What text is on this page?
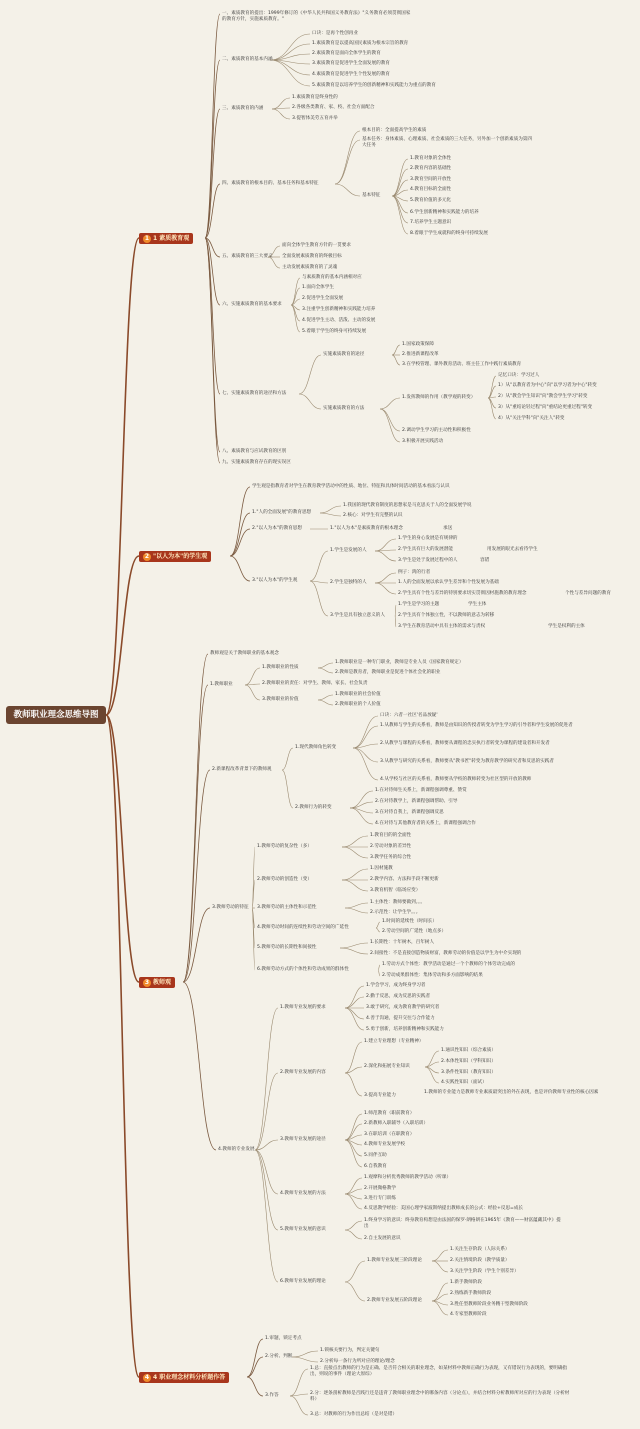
教师职业理念思维导图
1 1 素质教育观
2 "以人为本"的学生观
3 教师观
4 4 职业理念材料分析题作答
一、素质教育的提出：1999年修订的《中华人民共和国义务教育法》"义务教育必须贯彻国家的教育方针，实施素质教育。"
二、素质教育的基本内涵
口诀：是再个性创再业
1.素质教育是以提高国民素质为根本宗旨的教育
2.素质教育是面向全体学生的教育
3.素质教育是促进学生全面发展的教育
4.素质教育是促进学生个性发展的教育
5.素质教育是以培养学生的创新精神和实践能力为重点的教育
三、素质教育的内涵
1.素质教育是终身性的
2.各级各类教育、家、校、社会方面配合
3.提智体美劳五育并举
四、素质教育的根本目的、基本任务和基本特征
根本目的：全面提高学生的素质
基本任务：身体素质、心理素质、社会素质的三大任务，另外加一个创新素质为第四大任务
基本特征
1.教育对象的全体性
2.教育内容的基础性
3.教育空间的开放性
4.教育目标的全面性
5.教育价值的多元化
6.学生创新精神和实践能力的培养
7.培养学生主题意识
8.着眼于学生成就和的终身可持续发展
五、素质教育的三大要义
面向全体学生教育方针的一贯要求
全面发展素质教育的终极目标
主动发展素质教育的了灵魂
六、实施素质教育的基本要求
与素质教育的基本内涵相对应
1.面向全体学生
2.促进学生全面发展
3.注重学生创新精神和实践能力培养
4.促进学生主动、活泼、主动的发展
5.着眼于学生的终身可持续发展
七、实施素质教育的途径和方法
实施素质教育的途径
1.国家政策保障
2.推进新课程改革
3.在学校管理、课外教育活动、班主任工作中践行素质教育
实施素质教育的方法
1.发挥教师的作用（教学观的转变）
记忆口诀：学习过人
1）从"以教育者为中心"向"以学习者为中心"转变
2）从"教会学生知识"向"教会学生学习"转变
3）从"重结论轻过程"向"重结论更重过程"转变
4）从"关注学科"向"关注人"转变
2.调动学生学习的主动性和积极性
3.积极开展实践活动
八、素质教育与应试教育的区别
九、实施素质教育存在的现实误区
学生观是指教育者对学生在教育教学活动中的性质、地位、特征和具体时间活动的基本看法与认识
1."人的全面发展"的教育思想
1.我国的现代教育制度的思想家是马克思关于人的全面发展学说
2.核心：对学生有完整的认识
2."以人为本"的教育思想	1."以人为本"是素质教育的根本理念	承送
3."以人为本"的学生观
1.学生是发展的人
1.学生的身心发展是有规律的
2.学生具有巨大的发展潜能
3.学生是处于发展过程中的人
用发展的眼光去看待学生
容错
2.学生是独特的人
例子：鸿的行者
1.人的全面发展以承认学生差异和个性发展为基础
2.学生具有个性与差异的特别要求切实贯彻因材施教的教育理念	个性与差异问题的教育
3.学生是具有独立意义的人
1.学生是学习的主题
2.学生具有个体独立性，不以教师的意志为转移
3.学生在教育活动中具有主体的需求与责权
学生主体
学生是权利的主体
教师观是关于教师职业的基本观念
1.教师职业
1.教师职业的性质
1.教师职业是一种专门职业，教师是专业人员（国家教育规定）
2.教师是教育者，教师职业是促进个体社会化的职业
2.教师职业的责任：对学生、教师、家长、社会负责
3.教师职业的价值
1.教师职业的社会价值
2.教师职业的个人价值
2.新课程改革背景下的教师观
1.现代教师角色转变
口诀：六者一社区'名品放疑'
1.从教师与学生的关系看，教师是由知识的传授者转变为学生学习的引导者和学生发展的促进者
2.从教学与课程的关系看，教师要从课程的忠实执行者转变为课程的建设者和开发者
3.从教学与研究的关系看，教师要从"教书匠"转变为教育教学的研究者和反思的实践者
4.从学校与社区的关系看，教师要从学校的教师转变为社区型的开放的教师
2.教师行为的转变
1.在对待师生关系上，新课程强调尊重、赞赏
2.在对待教学上，新课程强调帮助、引导
3.在对待自我上，新课程强调反思
4.在对待与其他教育者的关系上，新课程强调合作
3.教师劳动的特征
1.教师劳动的复杂性（多）
1.教育目的的全面性
2.劳动对象的差异性
3.教学任务的综合性
2.教师劳动的创造性（变）
1.因材施教
2.教学内容、方法和手段不断更新
3.教育机智（临场应变）
3.教师劳动的主体性和示范性
1.主体性：教师要做到。。。
2.示范性：让学生学。。。
4.教师劳动时间的连续性和劳动空间的广延性
1.时间的延续性（时间长）
2.劳动空间的广延性（地点多）
5.教师劳动的长期性和间接性
1.长期性：十年树木，百年树人
2.间接性：不是直接创造物质财富，教师劳动的价值是以学生为中介实现的
6.教师劳动方式的个体性和劳动成果的群体性
1.劳动方式个体性：教学活动是通过一个个教师的个体劳动完成的
2.劳动成果群体性：集体劳动和多方面影响的结果
4.教师的专业发展
1.教师专业发展的要求
1.学会学习，成为终身学习者
2.勤于反思，成为反思的实践者
3.敢于研究，成为教育教学的研究者
4.善于沟通，提升交往与合作能力
5.勇于创新，培养创新精神和实践能力
2.教师专业发展的内容
1.建立专业理想（专业精神）
2.深化和拓展专业知识
1.通识性知识（综合素质）
2.本体性知识（学科知识）
3.条件性知识（教育知识）
4.实践性知识（面试）
3.提高专业能力
1.教师的专业能力是教师专业素质最突出的外在表现，也是评价教师专业性的核心因素
3.教师专业发展的途径
1.师范教育（职前教育）
2.新教师入职辅导（入职培训）
3.在职培训（在职教育）
4.教师专业发展学校
5.同伴互助
6.自我教育
4.教师专业发展的方法
1.观摩和分析优秀教师的教学活动（听课）
2.开展微格教学
3.进行专门训练
4.反思教学经验：美国心理学家波斯纳提出教师成长的公式：经验+反思=成长
5.教师专业发展的意识
1.终身学习的意识：终身教育构想是由法国的保罗·朗格朗在1965年《教育——财富蕴藏其中》提出
2.自主发展的意识
6.教师专业发展的理论
1.教师专业发展三阶段理论
1.关注生存阶段（人际关系）
2.关注情境阶段（教学质量）
3.关注学生阶段（学生个别差异）
2.教师专业发展五阶段理论
1.新手教师阶段
2.熟练新手教师阶段
3.胜任型教师阶段业务精干型教师阶段
4.专家型教师阶段
1.审题，锁定考点
2.分析、判断
1.锁核关要行为，判定关键句
2.分析每一条行为所对应的理论/理念
3.作答
1.总：直接点出教师的行为是正确、是否符合相关的职业理念，如某材料中教师正确行为表现，又有错误行为表现的，要明确指出，则说的事件（理论大原综）
2.分：逐条剖析教师是否践行还是违背了教师职业理念中的哪条内容（分论点），并结合材料分析教师所对应的行为表现（分析材料）
3.总：对教师的行为作出总结（是对是错）
